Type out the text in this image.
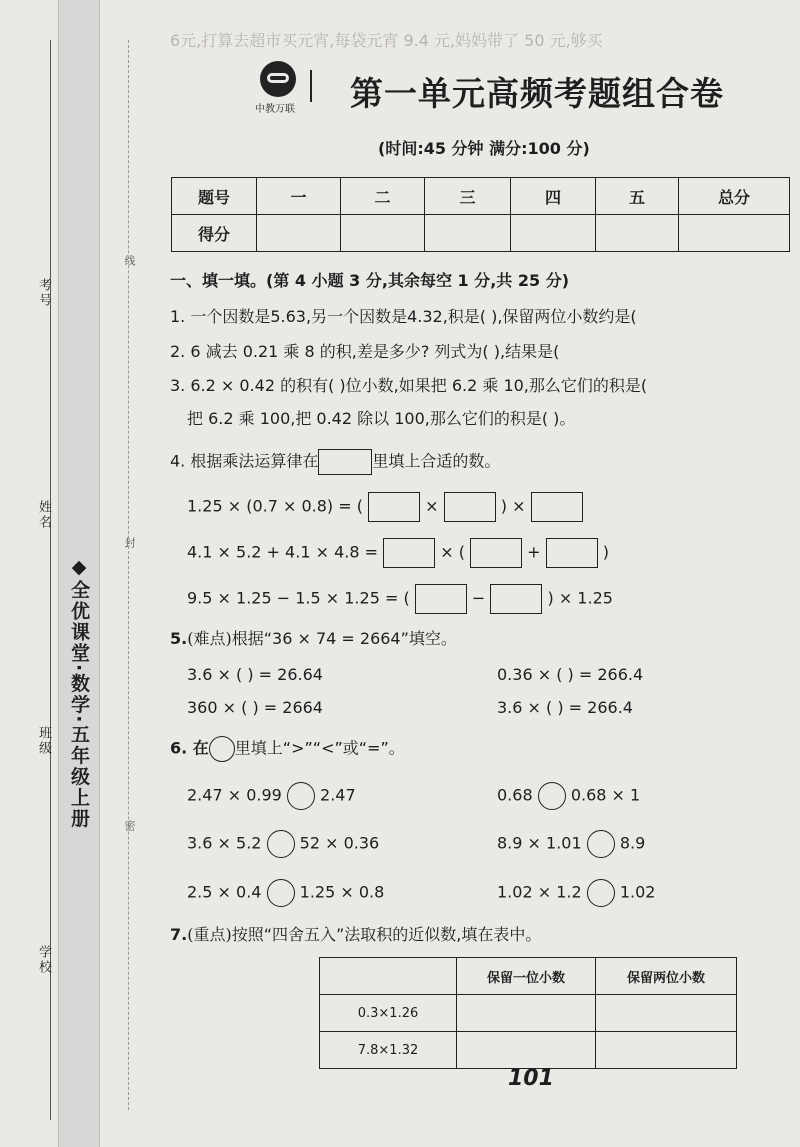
◆全优课堂·数学·五年级上册
考号
姓名
班级
学校
线
封
密
6元,打算去超市买元宵,每袋元宵 9.4 元,妈妈带了 50 元,够买
中教万联 第一单元高频考题组合卷
(时间:45 分钟 满分:100 分)
题号	一	二	三	四	五	总分
得分						
一、填一填。(第 4 小题 3 分,其余每空 1 分,共 25 分)
1. 一个因数是5.63,另一个因数是4.32,积是( ),保留两位小数约是(
2. 6 减去 0.21 乘 8 的积,差是多少? 列式为( ),结果是(
3. 6.2 × 0.42 的积有( )位小数,如果把 6.2 乘 10,那么它们的积是(
把 6.2 乘 100,把 0.42 除以 100,那么它们的积是( )。
4. 根据乘法运算律在	里填上合适的数。
1.25 × (0.7 × 0.8) = (	×	) ×
4.1 × 5.2 + 4.1 × 4.8 =	× (	+	)
9.5 × 1.25 − 1.5 × 1.25 = (	−	) × 1.25
5.(难点)根据“36 × 74 = 2664”填空。
3.6 × ( ) = 26.64	0.36 × ( ) = 266.4
360 × ( ) = 2664	3.6 × ( ) = 266.4
6. 在 里填上“>”“<”或“=”。
2.47 × 0.99 2.47	0.68 0.68 × 1
3.6 × 5.2 52 × 0.36	8.9 × 1.01 8.9
2.5 × 0.4 1.25 × 0.8	1.02 × 1.2 1.02
7.(重点)按照“四舍五入”法取积的近似数,填在表中。
	保留一位小数	保留两位小数
0.3×1.26		
7.8×1.32		
101
